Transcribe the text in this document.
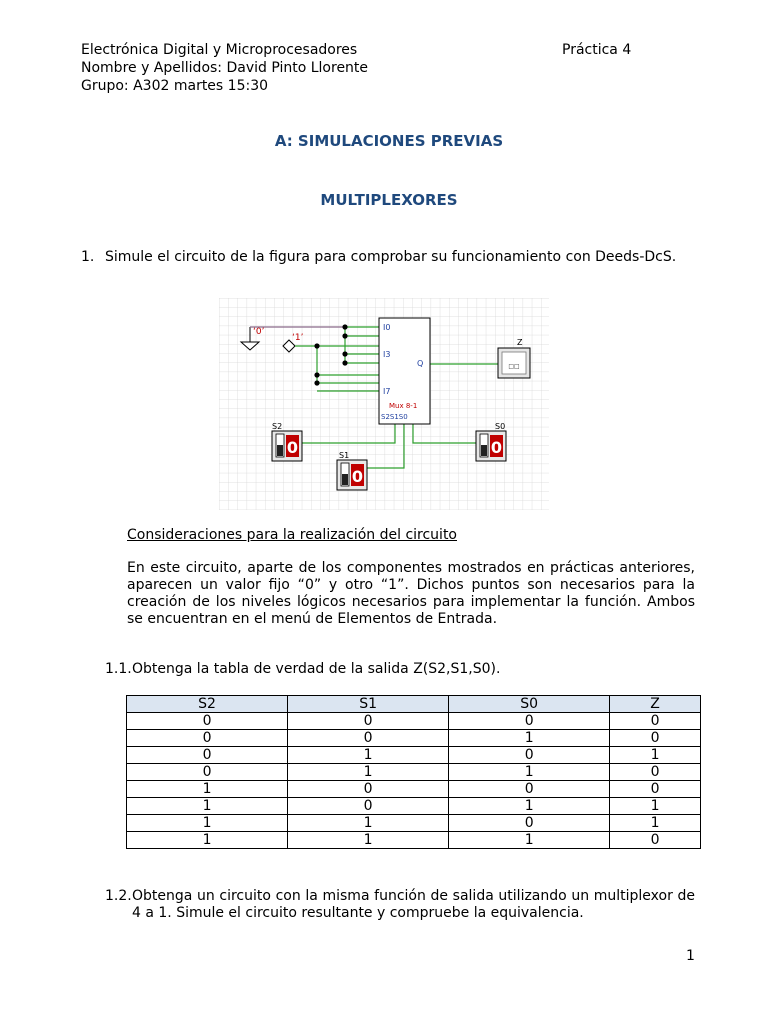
Electrónica Digital y Microprocesadores	Práctica 4
Nombre y Apellidos: David Pinto Llorente
Grupo: A302 martes 15:30
A: SIMULACIONES PREVIAS
MULTIPLEXORES
1. Simule el circuito de la figura para comprobar su funcionamiento con Deeds-DcS.
‘0’
‘1’
I0
I3
I7
Q
Mux 8-1
S2S1S0
Z
□□
S2
0	S1
0
S0
0
Consideraciones para la realización del circuito
En este circuito, aparte de los componentes mostrados en prácticas anteriores, aparecen un valor fijo “0” y otro “1”. Dichos puntos son necesarios para la creación de los niveles lógicos necesarios para implementar la función. Ambos se encuentran en el menú de Elementos de Entrada.
1.1. Obtenga la tabla de verdad de la salida Z(S2,S1,S0).
S2	S1	S0	Z
0	0	0	0
0	0	1	0
0	1	0	1
0	1	1	0
1	0	0	0
1	0	1	1
1	1	0	1
1	1	1	0
1.2. Obtenga un circuito con la misma función de salida utilizando un multiplexor de 4 a 1. Simule el circuito resultante y compruebe la equivalencia.
1
